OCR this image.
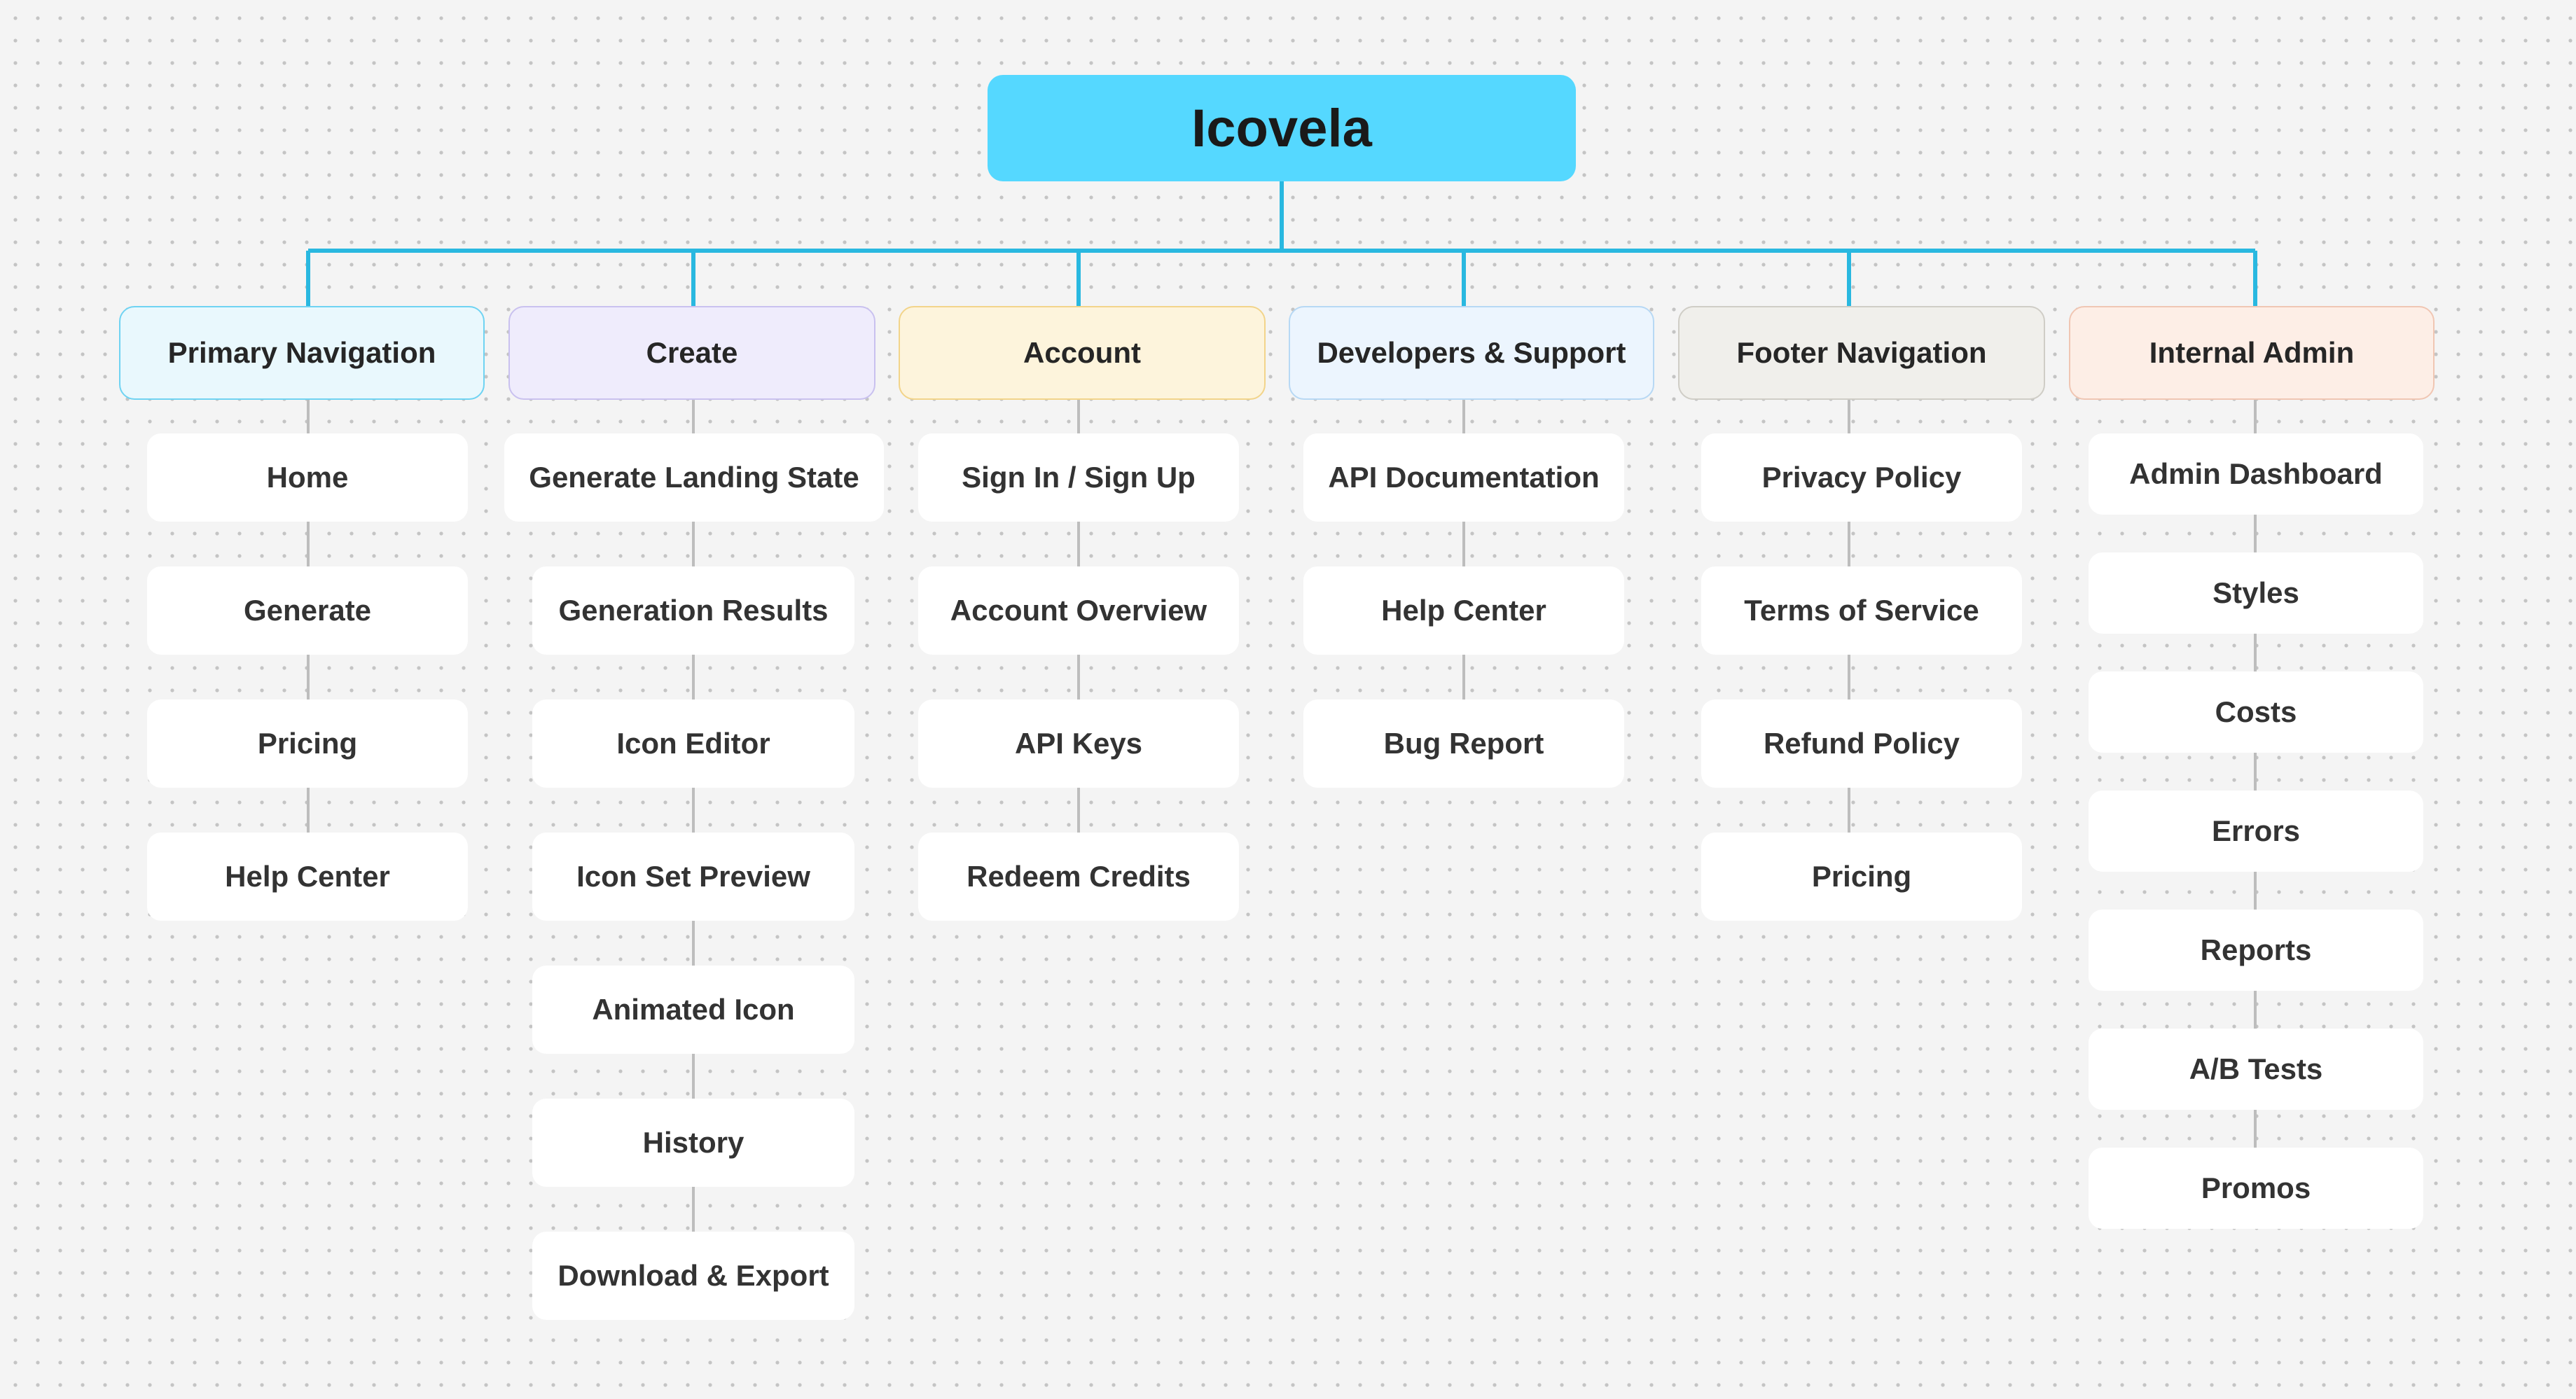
Icovela
Primary Navigation
Home
Generate
Pricing
Help Center
Create
Generate Landing State
Generation Results
Icon Editor
Icon Set Preview
Animated Icon
History
Download & Export
Account
Sign In / Sign Up
Account Overview
API Keys
Redeem Credits
Developers & Support
API Documentation
Help Center
Bug Report
Footer Navigation
Privacy Policy
Terms of Service
Refund Policy
Pricing
Internal Admin
Admin Dashboard
Styles
Costs
Errors
Reports
A/B Tests
Promos
